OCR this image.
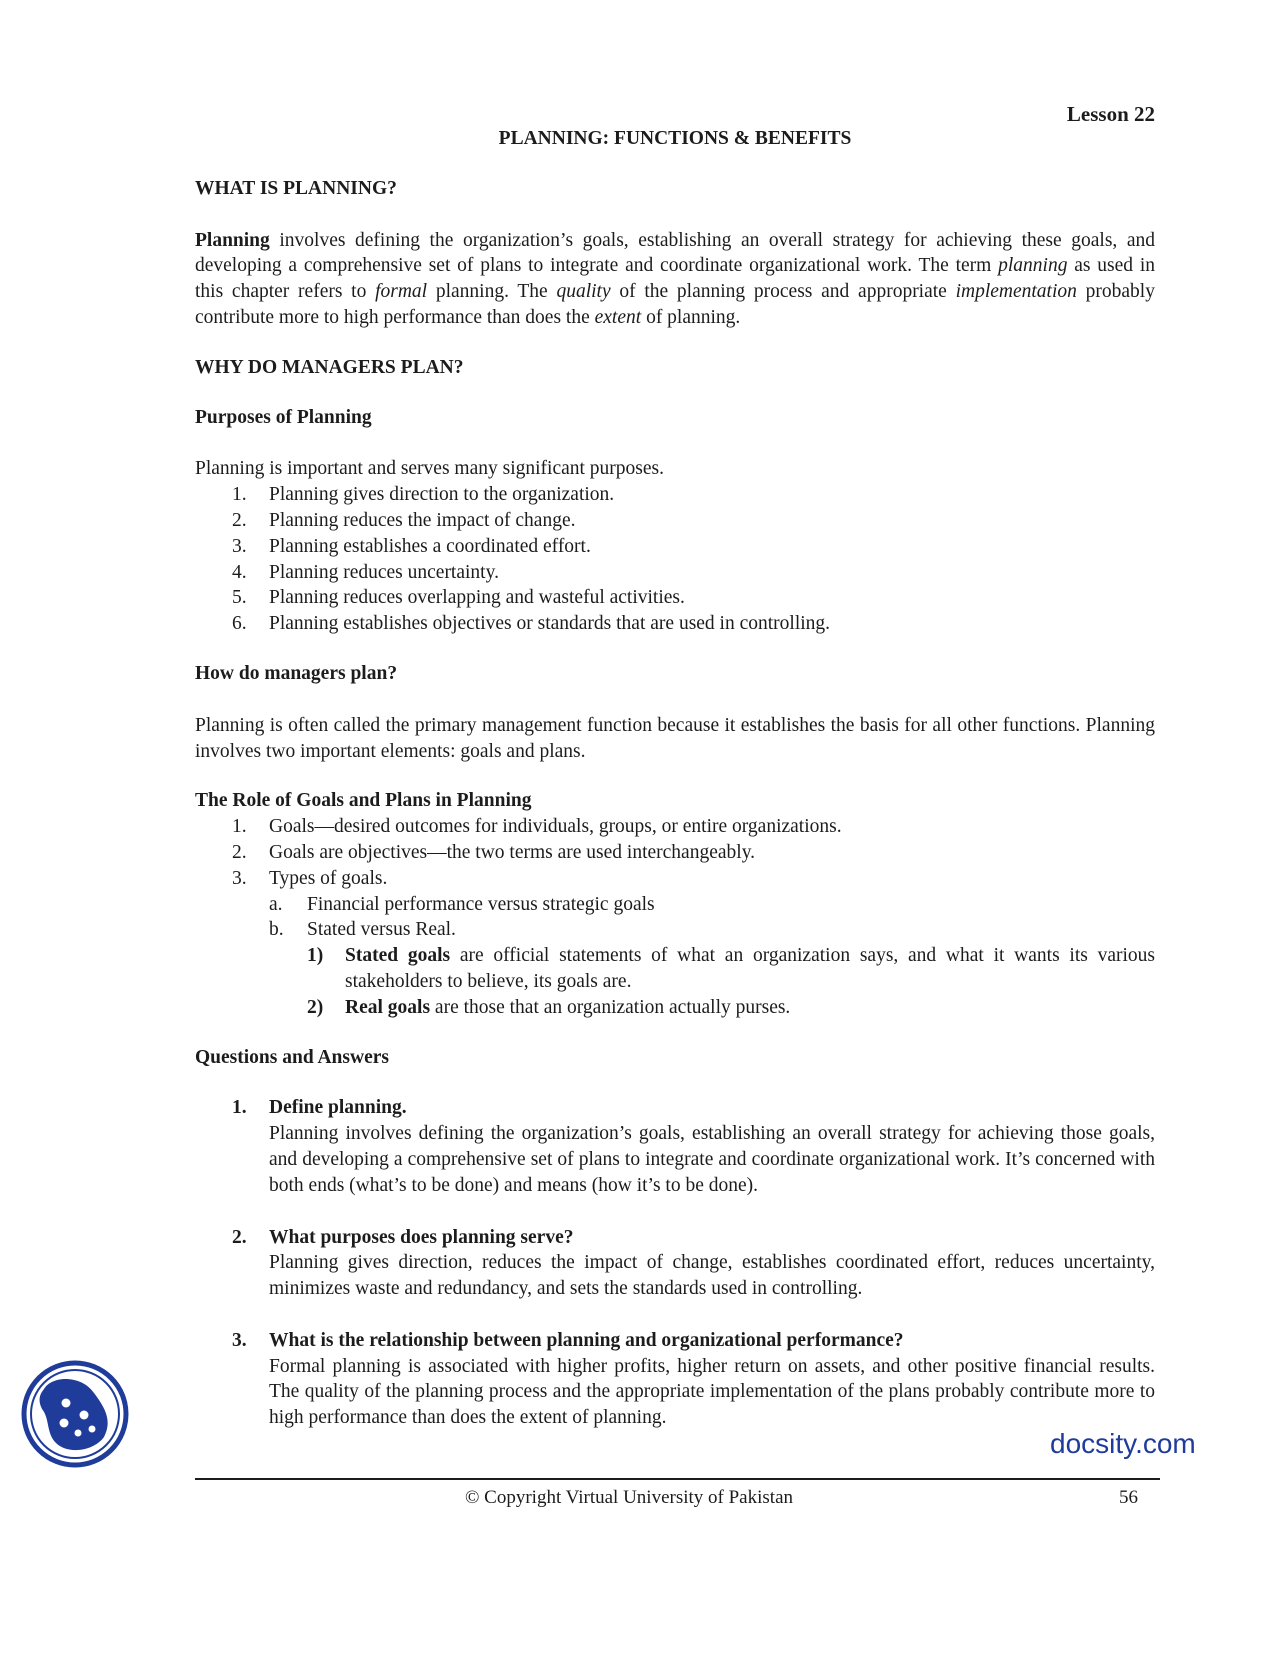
Lesson 22
PLANNING: FUNCTIONS & BENEFITS
WHAT IS PLANNING?

Planning involves defining the organization’s goals, establishing an overall strategy for achieving these goals, and developing a comprehensive set of plans to integrate and coordinate organizational work. The term planning as used in this chapter refers to formal planning. The quality of the planning process and appropriate implementation probably contribute more to high performance than does the extent of planning.

WHY DO MANAGERS PLAN?
Purposes of Planning

Planning is important and serves many significant purposes.

1. Planning gives direction to the organization.
2. Planning reduces the impact of change.
3. Planning establishes a coordinated effort.
4. Planning reduces uncertainty.
5. Planning reduces overlapping and wasteful activities.
6. Planning establishes objectives or standards that are used in controlling.
How do managers plan?

Planning is often called the primary management function because it establishes the basis for all other functions. Planning involves two important elements: goals and plans.

The Role of Goals and Plans in Planning
1. Goals—desired outcomes for individuals, groups, or entire organizations.
2. Goals are objectives—the two terms are used interchangeably.
3. Types of goals.
a. Financial performance versus strategic goals
b. Stated versus Real.
1) Stated goals are official statements of what an organization says, and what it wants its various stakeholders to believe, its goals are.
2) Real goals are those that an organization actually purses.
Questions and Answers
1. Define planning.
Planning involves defining the organization’s goals, establishing an overall strategy for achieving those goals, and developing a comprehensive set of plans to integrate and coordinate organizational work. It’s concerned with both ends (what’s to be done) and means (how it’s to be done).
2. What purposes does planning serve?
Planning gives direction, reduces the impact of change, establishes coordinated effort, reduces uncertainty, minimizes waste and redundancy, and sets the standards used in controlling.
3. What is the relationship between planning and organizational performance?
Formal planning is associated with higher profits, higher return on assets, and other positive financial results. The quality of the planning process and the appropriate implementation of the plans probably contribute more to high performance than does the extent of planning.
docsity.com
© Copyright Virtual University of Pakistan	56
